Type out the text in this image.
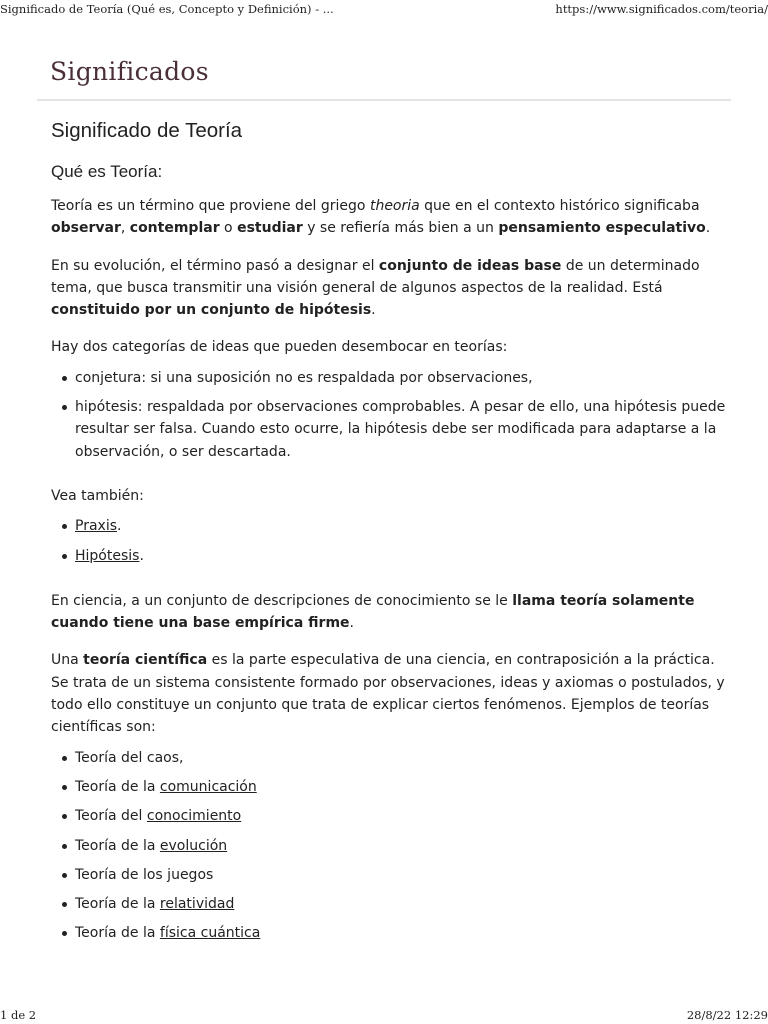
Significado de Teoría (Qué es, Concepto y Definición) - ...	https://www.significados.com/teoria/
Significados
Significado de Teoría
Qué es Teoría:

Teoría es un término que proviene del griego theoria que en el contexto histórico significaba observar, contemplar o estudiar y se refiería más bien a un pensamiento especulativo.

En su evolución, el término pasó a designar el conjunto de ideas base de un determinado tema, que busca transmitir una visión general de algunos aspectos de la realidad. Está constituido por un conjunto de hipótesis.

Hay dos categorías de ideas que pueden desembocar en teorías:

conjetura: si una suposición no es respaldada por observaciones,
hipótesis: respaldada por observaciones comprobables. A pesar de ello, una hipótesis puede resultar ser falsa. Cuando esto ocurre, la hipótesis debe ser modificada para adaptarse a la observación, o ser descartada.

Vea también:

Praxis.
Hipótesis.

En ciencia, a un conjunto de descripciones de conocimiento se le llama teoría solamente cuando tiene una base empírica firme.

Una teoría científica es la parte especulativa de una ciencia, en contraposición a la práctica. Se trata de un sistema consistente formado por observaciones, ideas y axiomas o postulados, y todo ello constituye un conjunto que trata de explicar ciertos fenómenos. Ejemplos de teorías científicas son:

Teoría del caos,
Teoría de la comunicación
Teoría del conocimiento
Teoría de la evolución
Teoría de los juegos
Teoría de la relatividad
Teoría de la física cuántica
1 de 2	28/8/22 12:29
